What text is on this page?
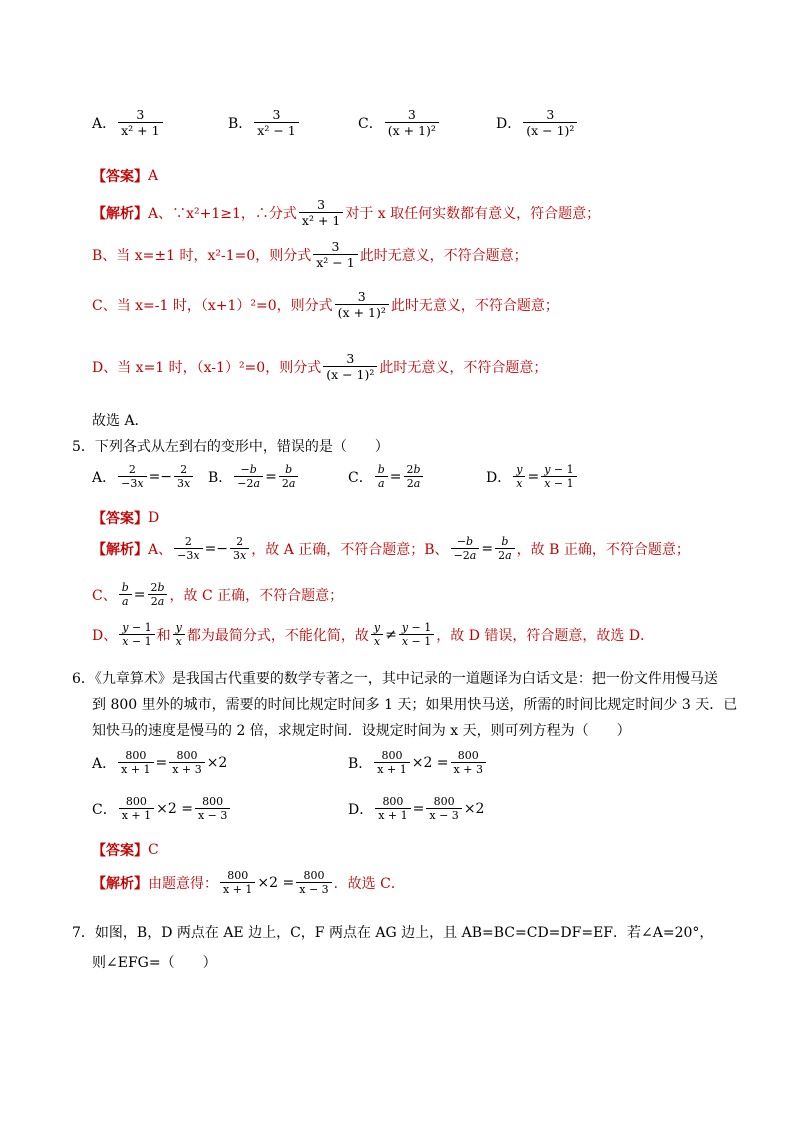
A． $\frac{3}{\text{x² + 1}}$	B． $\frac{3}{\text{x² − 1}}$	C． $\frac{3}{\text{(x + 1)²}}$	D． $\frac{3}{\text{(x − 1)²}}$
【答案】 A
【解析】 A、∵x²+1≥1，∴分式 $\frac{3}{\text{x² + 1}}$ 对于 x 取任何实数都有意义，符合题意；
B、当 x=±1 时，x²-1=0，则分式 $\frac{3}{\text{x² − 1}}$ 此时无意义，不符合题意；
C、当 x=-1 时，（x+1）²=0，则分式 $\frac{3}{\text{(x + 1)²}}$ 此时无意义，不符合题意；
D、当 x=1 时，（x-1）²=0，则分式 $\frac{3}{\text{(x − 1)²}}$ 此时无意义，不符合题意；
故选 A．
5．下列各式从左到右的变形中，错误的是（　　）
A． $\frac{2}{-3x} =- \frac{2}{3x}$ B． $\frac{-b}{-2a} = \frac{b}{2a}$	C． $\frac{b}{a} = \frac{2b}{2a}$	D． $\frac{y}{x} = \frac{y - 1}{x - 1}$
【答案】 D
【解析】 A、 $\frac{2}{-3x} =- \frac{2}{3x}$ ，故 A 正确，不符合题意；B、 $\frac{-b}{-2a} = \frac{b}{2a}$ ，故 B 正确，不符合题意；
C、 $\frac{b}{a} = \frac{2b}{2a}$ ，故 C 正确，不符合题意；
D、 $\frac{y - 1}{x - 1}$ 和 $\frac{y}{x}$ 都为最简分式，不能化简，故 $\frac{y}{x} \ne \frac{y - 1}{x - 1}$ ，故 D 错误，符合题意，故选 D．
6．《九章算术》是我国古代重要的数学专著之一，其中记录的一道题译为白话文是：把一份文件用慢马送
到 800 里外的城市，需要的时间比规定时间多 1 天；如果用快马送，所需的时间比规定时间少 3 天．已
知快马的速度是慢马的 2 倍，求规定时间．设规定时间为 x 天，则可列方程为（　　）
A． $\frac{800}{x + 1} = \frac{800}{x + 3} \times 2$	B． $\frac{800}{x + 1} \times 2 = \frac{800}{x + 3}$
C． $\frac{800}{x + 1} \times 2 = \frac{800}{x - 3}$	D． $\frac{800}{x + 1} = \frac{800}{x - 3} \times 2$
【答案】 C
【解析】 由题意得： $\frac{800}{x + 1} \times 2 = \frac{800}{x - 3}$ ．故选 C．
7．如图，B，D 两点在 AE 边上，C，F 两点在 AG 边上，且 AB=BC=CD=DF=EF．若∠A=20°，
则∠EFG=（　　）
